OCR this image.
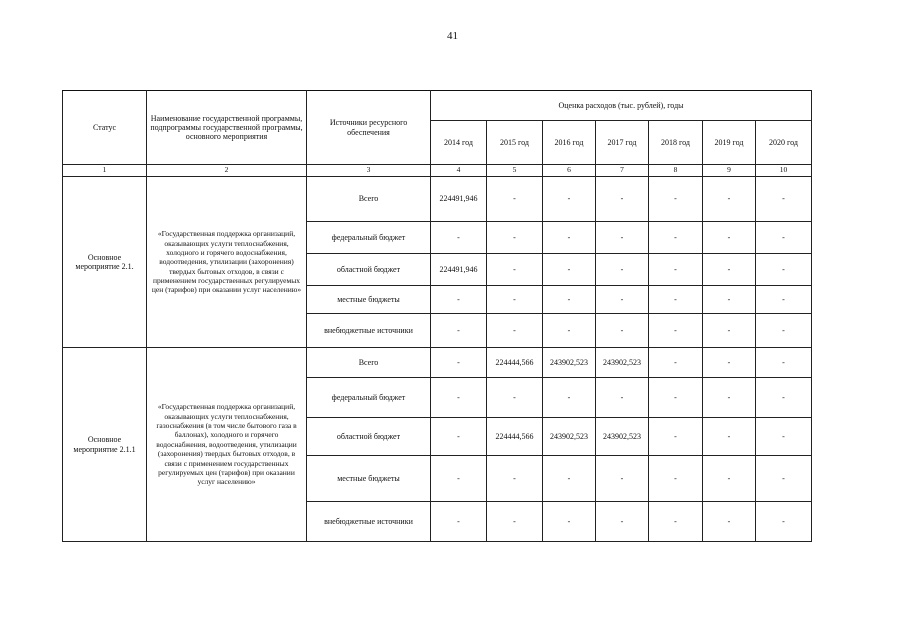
41
Статус	Наименование государственной программы, подпрограммы государственной программы, основного мероприятия	Источники ресурсного обеспечения	Оценка расходов (тыс. рублей), годы						
			2014 год	2015 год	2016 год	2017 год	2018 год	2019 год	2020 год
1	2	3	4	5	6	7	8	9	10
Основное мероприятие 2.1.	«Государственная поддержка организаций, оказывающих услуги теплоснабжения, холодного и горячего водоснабжения, водоотведения, утилизации (захоронения) твердых бытовых отходов, в связи с применением государственных регулируемых цен (тарифов) при оказании услуг населению»	Всего	224491,946	-	-	-	-	-	-
		федеральный бюджет	-	-	-	-	-	-	-
		областной бюджет	224491,946	-	-	-	-	-	-
		местные бюджеты	-	-	-	-	-	-	-
		внебюджетные источники	-	-	-	-	-	-	-
Основное мероприятие 2.1.1	«Государственная поддержка организаций, оказывающих услуги теплоснабжения, газоснабжения (в том числе бытового газа в баллонах), холодного и горячего водоснабжения, водоотведения, утилизации (захоронения) твердых бытовых отходов, в связи с применением государственных регулируемых цен (тарифов) при оказании услуг населению»	Всего	-	224444,566	243902,523	243902,523	-	-	-
		федеральный бюджет	-	-	-	-	-	-	-
		областной бюджет	-	224444,566	243902,523	243902,523	-	-	-
		местные бюджеты	-	-	-	-	-	-	-
		внебюджетные источники	-	-	-	-	-	-	-
